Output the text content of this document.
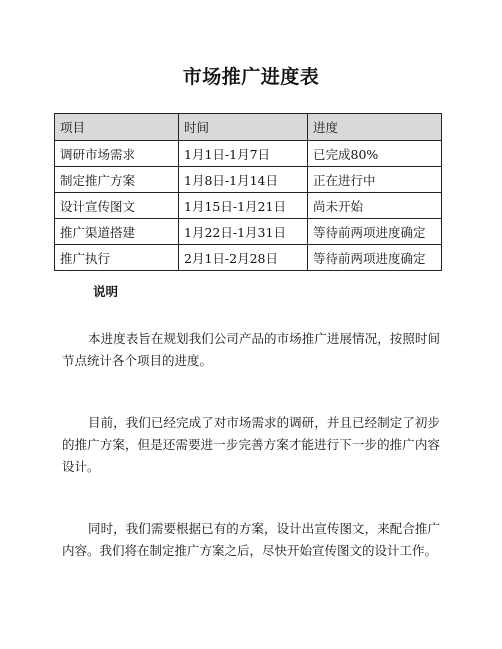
市场推广进度表
项目	时间	进度
调研市场需求	1月1日-1月7日	已完成80%
制定推广方案	1月8日-1月14日	正在进行中
设计宣传图文	1月15日-1月21日	尚未开始
推广渠道搭建	1月22日-1月31日	等待前两项进度确定
推广执行	2月1日-2月28日	等待前两项进度确定
说明

本进度表旨在规划我们公司产品的市场推广进展情况，按照时间节点统计各个项目的进度。

目前，我们已经完成了对市场需求的调研，并且已经制定了初步的推广方案，但是还需要进一步完善方案才能进行下一步的推广内容设计。

同时，我们需要根据已有的方案，设计出宣传图文，来配合推广内容。我们将在制定推广方案之后，尽快开始宣传图文的设计工作。
